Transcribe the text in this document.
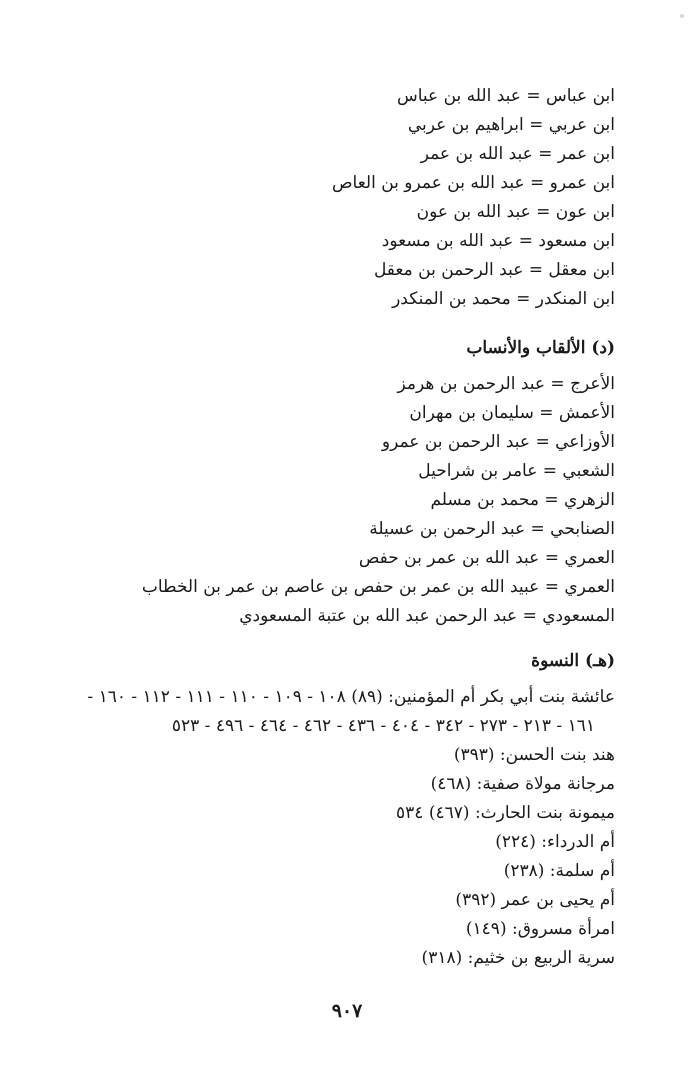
ابن عباس = عبد الله بن عباس
ابن عربي = ابراهيم بن عربي
ابن عمر = عبد الله بن عمر
ابن عمرو = عبد الله بن عمرو بن العاص
ابن عون = عبد الله بن عون
ابن مسعود = عبد الله بن مسعود
ابن معقل = عبد الرحمن بن معقل
ابن المنكدر = محمد بن المنكدر
(د) الألقاب والأنساب
الأعرج = عبد الرحمن بن هرمز
الأعمش = سليمان بن مهران
الأوزاعي = عبد الرحمن بن عمرو
الشعبي = عامر بن شراحيل
الزهري = محمد بن مسلم
الصنابحي = عبد الرحمن بن عسيلة
العمري = عبد الله بن عمر بن حفص
العمري = عبيد الله بن عمر بن حفص بن عاصم بن عمر بن الخطاب
المسعودي = عبد الرحمن عبد الله بن عتبة المسعودي
(هـ) النسوة
عائشة بنت أبي بكر أم المؤمنين: (٨٩) ١٠٨ - ١٠٩ - ١١٠ - ١١١ - ١١٢ - ١٦٠ -
١٦١ - ٢١٣ - ٢٧٣ - ٣٤٢ - ٤٠٤ - ٤٣٦ - ٤٦٢ - ٤٦٤ - ٤٩٦ - ٥٢٣
هند بنت الحسن: (٣٩٣)
مرجانة مولاة صفية: (٤٦٨)
ميمونة بنت الحارث: (٤٦٧) ٥٣٤
أم الدرداء: (٢٢٤)
أم سلمة: (٢٣٨)
أم يحيى بن عمر (٣٩٢)
امرأة مسروق: (١٤٩)
سرية الربيع بن خثيم: (٣١٨)
٩٠٧
